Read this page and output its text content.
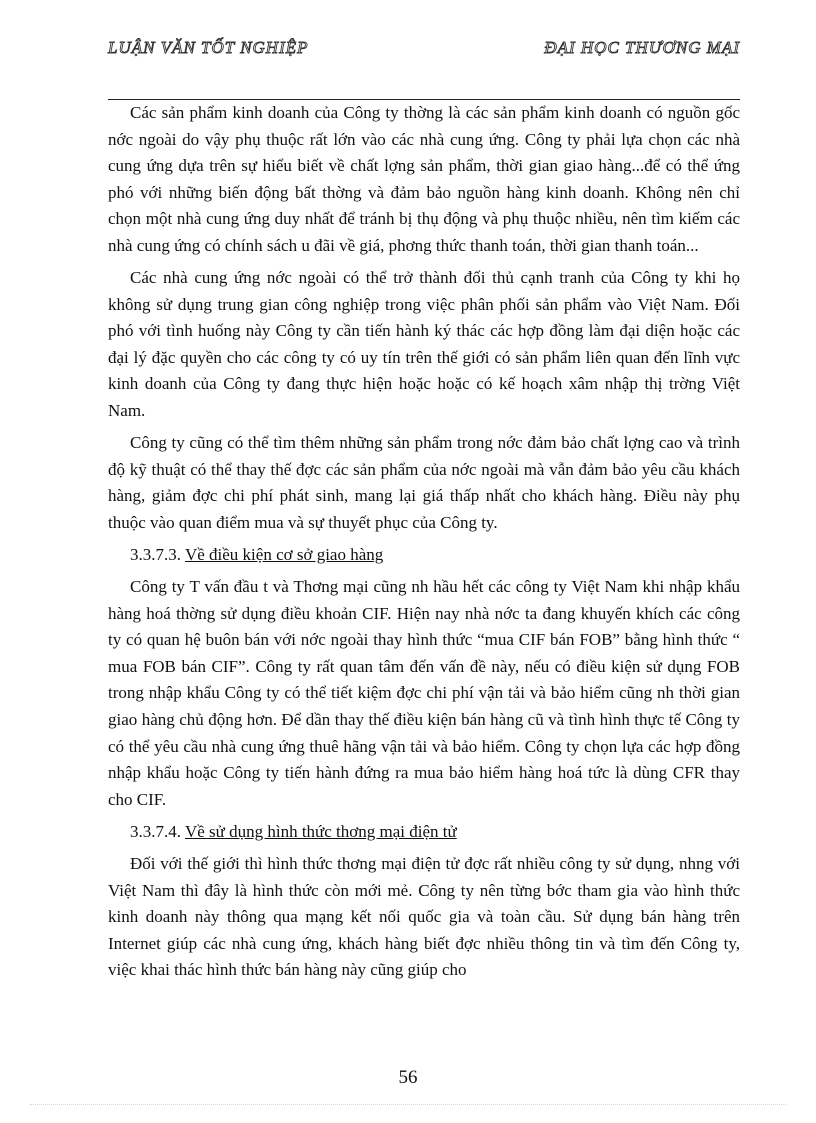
LUẬN VĂN TỐT NGHIỆP	ĐẠI HỌC THƯƠNG MẠI

Các sản phẩm kinh doanh của Công ty thờng là các sản phẩm kinh doanh có nguồn gốc nớc ngoài do vậy phụ thuộc rất lớn vào các nhà cung ứng. Công ty phải lựa chọn các nhà cung ứng dựa trên sự hiểu biết về chất lợng sản phẩm, thời gian giao hàng...để có thể ứng phó với những biến động bất thờng và đảm bảo nguồn hàng kinh doanh. Không nên chỉ chọn một nhà cung ứng duy nhất để tránh bị thụ động và phụ thuộc nhiều, nên tìm kiếm các nhà cung ứng có chính sách u đãi về giá, phơng thức thanh toán, thời gian thanh toán...

Các nhà cung ứng nớc ngoài có thể trở thành đối thủ cạnh tranh của Công ty khi họ không sử dụng trung gian công nghiệp trong việc phân phối sản phẩm vào Việt Nam. Đối phó với tình huống này Công ty cần tiến hành ký thác các hợp đồng làm đại diện hoặc các đại lý đặc quyền cho các công ty có uy tín trên thế giới có sản phẩm liên quan đến lĩnh vực kinh doanh của Công ty đang thực hiện hoặc hoặc có kế hoạch xâm nhập thị trờng Việt Nam.

Công ty cũng có thể tìm thêm những sản phẩm trong nớc đảm bảo chất lợng cao và trình độ kỹ thuật có thể thay thế đợc các sản phẩm của nớc ngoài mà vẫn đảm bảo yêu cầu khách hàng, giảm đợc chi phí phát sinh, mang lại giá thấp nhất cho khách hàng. Điều này phụ thuộc vào quan điểm mua và sự thuyết phục của Công ty.

3.3.7.3. Về điều kiện cơ sở giao hàng

Công ty T vấn đầu t và Thơng mại cũng nh hầu hết các công ty Việt Nam khi nhập khẩu hàng hoá thờng sử dụng điều khoản CIF. Hiện nay nhà nớc ta đang khuyến khích các công ty có quan hệ buôn bán với nớc ngoài thay hình thức “mua CIF bán FOB” bằng hình thức “ mua FOB bán CIF”. Công ty rất quan tâm đến vấn đề này, nếu có điều kiện sử dụng FOB trong nhập khẩu Công ty có thể tiết kiệm đợc chi phí vận tải và bảo hiểm cũng nh thời gian giao hàng chủ động hơn. Để dần thay thế điều kiện bán hàng cũ và tình hình thực tế Công ty có thể yêu cầu nhà cung ứng thuê hãng vận tải và bảo hiểm. Công ty chọn lựa các hợp đồng nhập khẩu hoặc Công ty tiến hành đứng ra mua bảo hiểm hàng hoá tức là dùng CFR thay cho CIF.

3.3.7.4. Về sử dụng hình thức thơng mại điện tử

Đối với thế giới thì hình thức thơng mại điện tử đợc rất nhiều công ty sử dụng, nhng với Việt Nam thì đây là hình thức còn mới mẻ. Công ty nên từng bớc tham gia vào hình thức kinh doanh này thông qua mạng kết nối quốc gia và toàn cầu. Sử dụng bán hàng trên Internet giúp các nhà cung ứng, khách hàng biết đợc nhiều thông tin và tìm đến Công ty, việc khai thác hình thức bán hàng này cũng giúp cho

56
